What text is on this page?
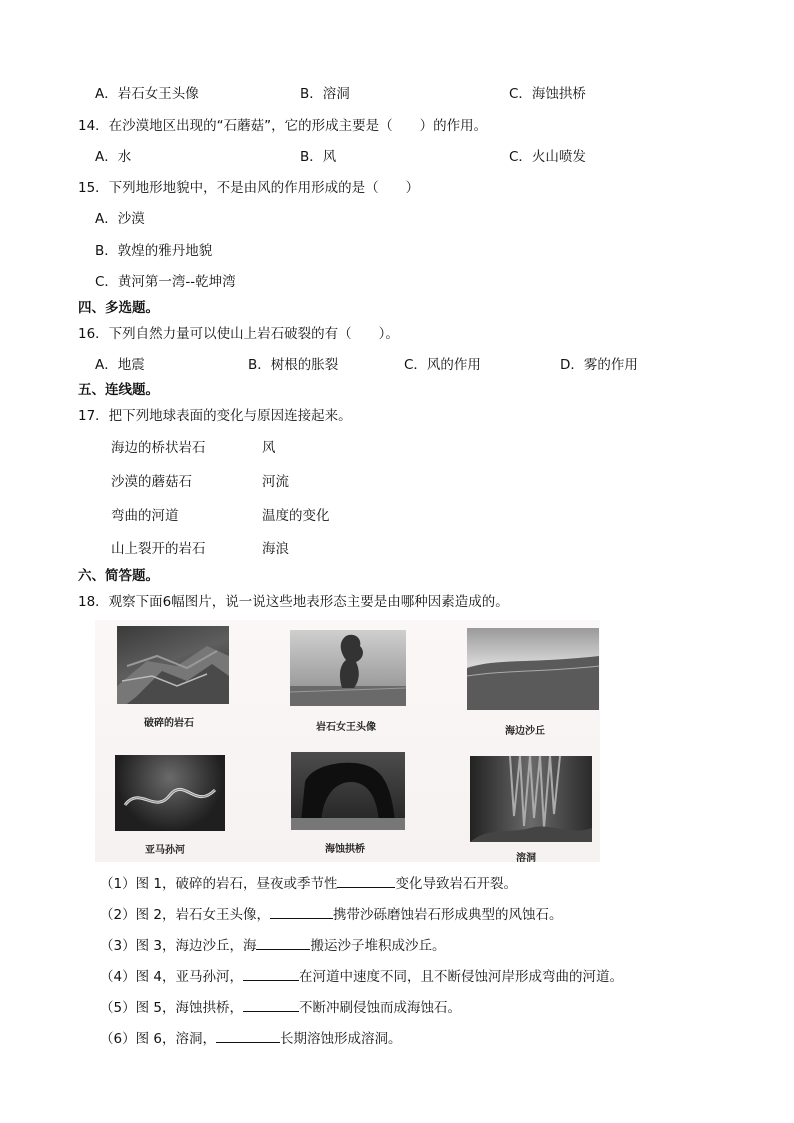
A．岩石女王头像	B．溶洞	C．海蚀拱桥
14．在沙漠地区出现的“石蘑菇”，它的形成主要是（　　）的作用。
A．水	B．风	C．火山喷发
15．下列地形地貌中，不是由风的作用形成的是（　　）
A．沙漠
B．敦煌的雅丹地貌
C．黄河第一湾--乾坤湾
四、多选题。
16．下列自然力量可以使山上岩石破裂的有（　　）。
A．地震	B．树根的胀裂	C．风的作用	D．雾的作用
五、连线题。
17．把下列地球表面的变化与原因连接起来。
海边的桥状岩石	风
沙漠的蘑菇石	河流
弯曲的河道	温度的变化
山上裂开的岩石	海浪
六、简答题。
18．观察下面6幅图片，说一说这些地表形态主要是由哪种因素造成的。
破碎的岩石	岩石女王头像	海边沙丘
亚马孙河	海蚀拱桥
溶洞
（1）图 1，破碎的岩石，昼夜或季节性	变化导致岩石开裂。
（2）图 2，岩石女王头像，	携带沙砾磨蚀岩石形成典型的风蚀石。
（3）图 3，海边沙丘，海	搬运沙子堆积成沙丘。
（4）图 4，亚马孙河，	在河道中速度不同，且不断侵蚀河岸形成弯曲的河道。
（5）图 5，海蚀拱桥，	不断冲刷侵蚀而成海蚀石。
（6）图 6，溶洞，	长期溶蚀形成溶洞。
